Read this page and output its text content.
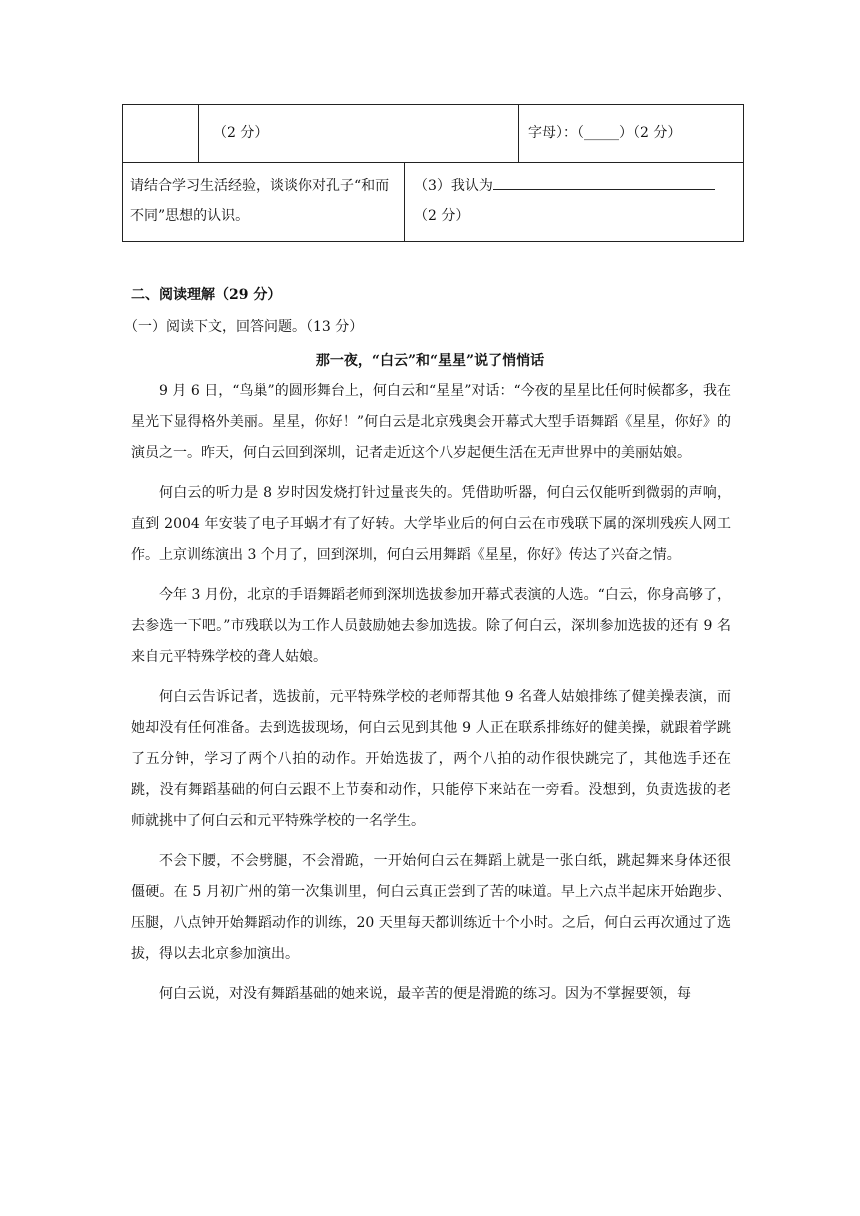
（2 分）	字母）：（_____）（2 分）
请结合学习生活经验，谈谈你对孔子“和而不同”思想的认识。
（3）我认为（2 分）
二、阅读理解（29 分）
（一）阅读下文，回答问题。（13 分）
那一夜，“白云”和“星星”说了悄悄话

9 月 6 日，“鸟巢”的圆形舞台上，何白云和“星星”对话：“今夜的星星比任何时候都多，我在星光下显得格外美丽。星星，你好！”何白云是北京残奥会开幕式大型手语舞蹈《星星，你好》的演员之一。昨天，何白云回到深圳，记者走近这个八岁起便生活在无声世界中的美丽姑娘。

何白云的听力是 8 岁时因发烧打针过量丧失的。凭借助听器，何白云仅能听到微弱的声响，直到 2004 年安装了电子耳蜗才有了好转。大学毕业后的何白云在市残联下属的深圳残疾人网工作。上京训练演出 3 个月了，回到深圳，何白云用舞蹈《星星，你好》传达了兴奋之情。

今年 3 月份，北京的手语舞蹈老师到深圳选拔参加开幕式表演的人选。“白云，你身高够了，去参选一下吧。”市残联以为工作人员鼓励她去参加选拔。除了何白云，深圳参加选拔的还有 9 名来自元平特殊学校的聋人姑娘。

何白云告诉记者，选拔前，元平特殊学校的老师帮其他 9 名聋人姑娘排练了健美操表演，而她却没有任何准备。去到选拔现场，何白云见到其他 9 人正在联系排练好的健美操，就跟着学跳了五分钟，学习了两个八拍的动作。开始选拔了，两个八拍的动作很快跳完了，其他选手还在跳，没有舞蹈基础的何白云跟不上节奏和动作，只能停下来站在一旁看。没想到，负责选拔的老师就挑中了何白云和元平特殊学校的一名学生。

不会下腰，不会劈腿，不会滑跪，一开始何白云在舞蹈上就是一张白纸，跳起舞来身体还很僵硬。在 5 月初广州的第一次集训里，何白云真正尝到了苦的味道。早上六点半起床开始跑步、压腿，八点钟开始舞蹈动作的训练，20 天里每天都训练近十个小时。之后，何白云再次通过了选拔，得以去北京参加演出。

何白云说，对没有舞蹈基础的她来说，最辛苦的便是滑跪的练习。因为不掌握要领，每
